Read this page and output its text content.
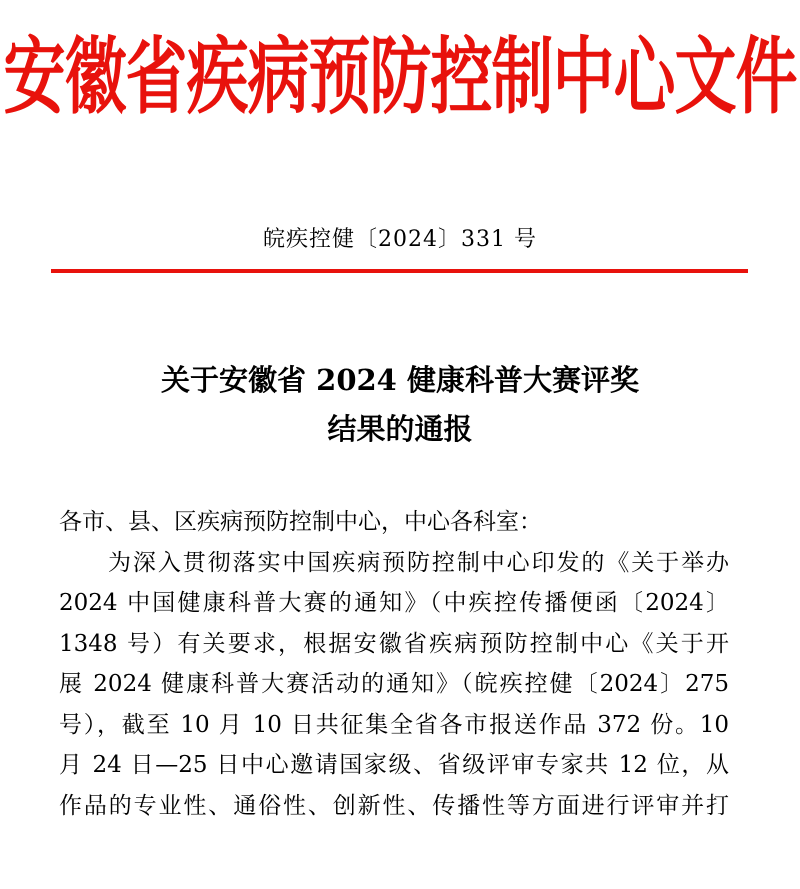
安徽省疾病预防控制中心文件
皖疾控健〔2024〕331 号
关于安徽省 2024 健康科普大赛评奖
结果的通报
各市、县、区疾病预防控制中心，中心各科室：
为深入贯彻落实中国疾病预防控制中心印发的《关于举办
2024 中国健康科普大赛的通知》（中疾控传播便函〔2024〕
1348 号）有关要求，根据安徽省疾病预防控制中心《关于开
展 2024 健康科普大赛活动的通知》（皖疾控健〔2024〕275
号），截至 10 月 10 日共征集全省各市报送作品 372 份。10
月 24 日—25 日中心邀请国家级、省级评审专家共 12 位，从
作品的专业性、通俗性、创新性、传播性等方面进行评审并打
